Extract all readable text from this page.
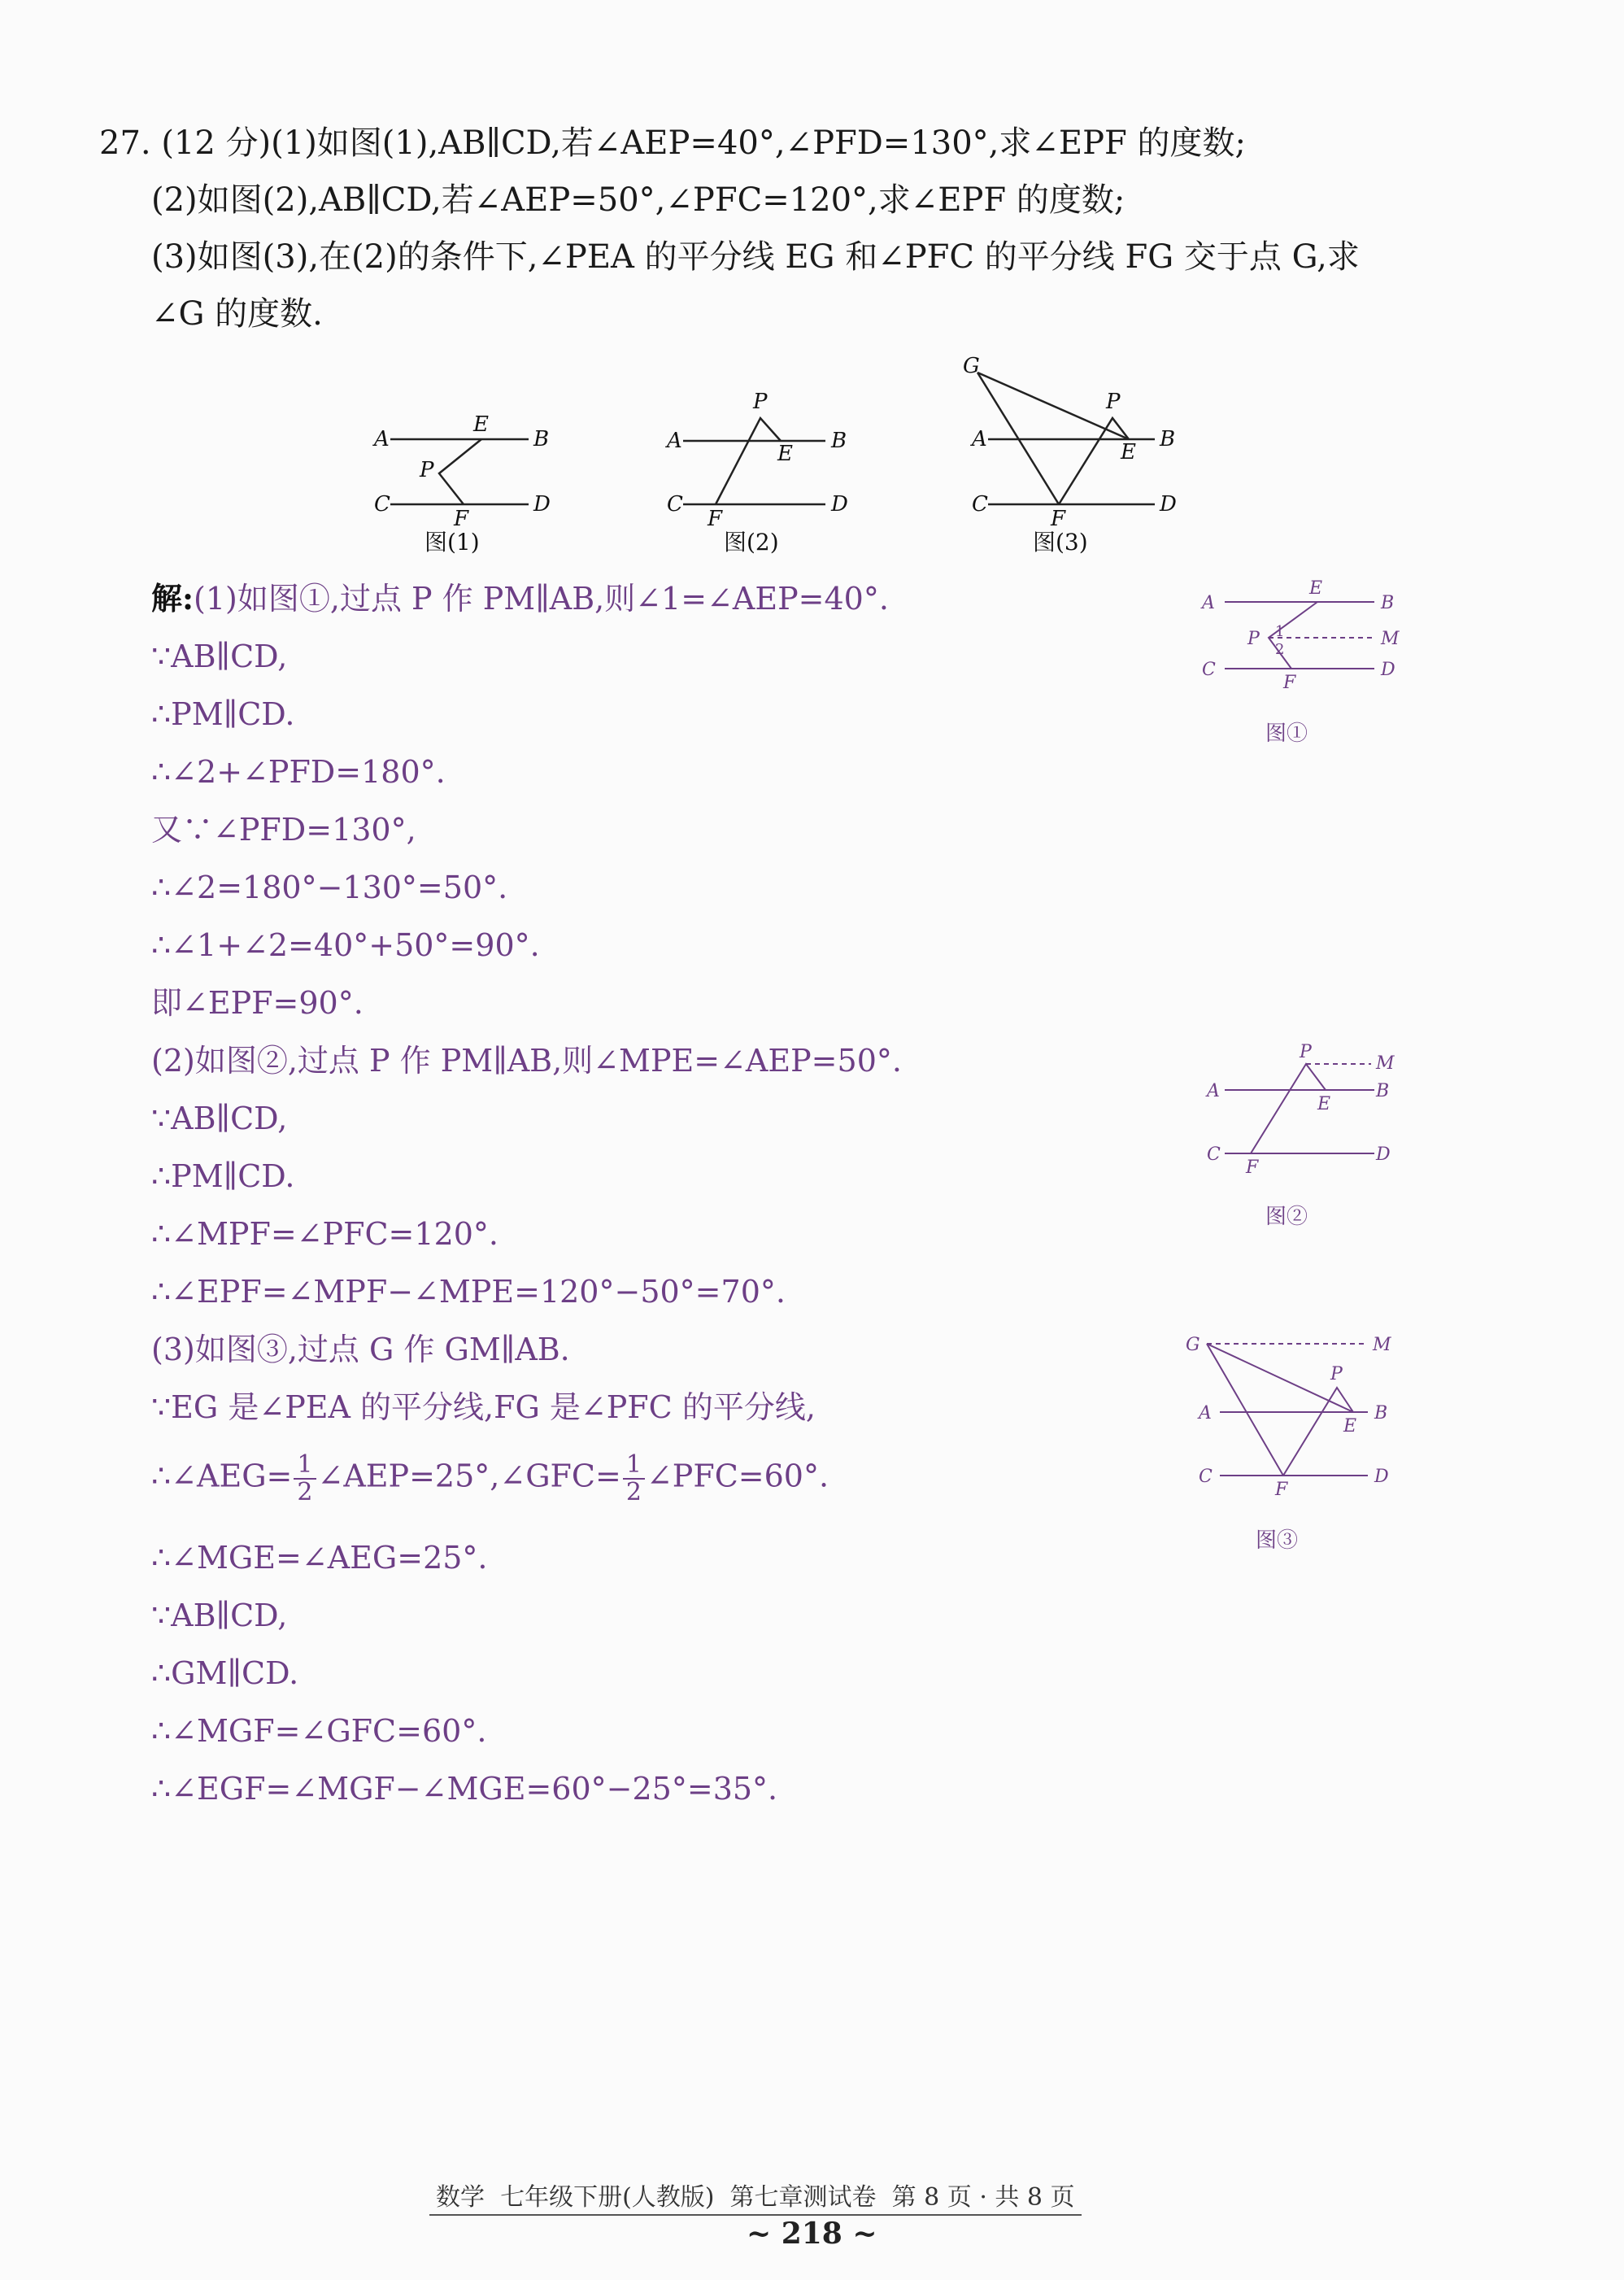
27. (12 分)(1)如图(1),AB∥CD,若∠AEP=40°,∠PFD=130°,求∠EPF 的度数;
(2)如图(2),AB∥CD,若∠AEP=50°,∠PFC=120°,求∠EPF 的度数;
(3)如图(3),在(2)的条件下,∠PEA 的平分线 EG 和∠PFC 的平分线 FG 交于点 G,求
∠G 的度数.
A	B
E
P
C	D
F
A	B
P
E
C	D
F
G
P
A	B
E
C	D
F
图(1)	图(2)	图(3)
解:(1)如图①,过点 P 作 PM∥AB,则∠1=∠AEP=40°.
∵AB∥CD,
∴PM∥CD.
∴∠2+∠PFD=180°.
又∵∠PFD=130°,
∴∠2=180°−130°=50°.
∴∠1+∠2=40°+50°=90°.
即∠EPF=90°.
(2)如图②,过点 P 作 PM∥AB,则∠MPE=∠AEP=50°.
∵AB∥CD,
∴PM∥CD.
∴∠MPF=∠PFC=120°.
∴∠EPF=∠MPF−∠MPE=120°−50°=70°.
(3)如图③,过点 G 作 GM∥AB.
∵EG 是∠PEA 的平分线,FG 是∠PFC 的平分线,
∴∠AEG= $\frac{1}{2}$ ∠AEP=25°,∠GFC= $\frac{1}{2}$ ∠PFC=60°.
∴∠MGE=∠AEG=25°.
∵AB∥CD,
∴GM∥CD.
∴∠MGF=∠GFC=60°.
∴∠EGF=∠MGF−∠MGE=60°−25°=35°.
A	B
E
P 1
2
M
C	D
F
图①
P
M
A	B
E
C	D
F
图②
G	M
P
A	B
E
C	D
F
图③
数学  七年级下册(人教版)  第七章测试卷  第 8 页 · 共 8 页
~ 218 ~
